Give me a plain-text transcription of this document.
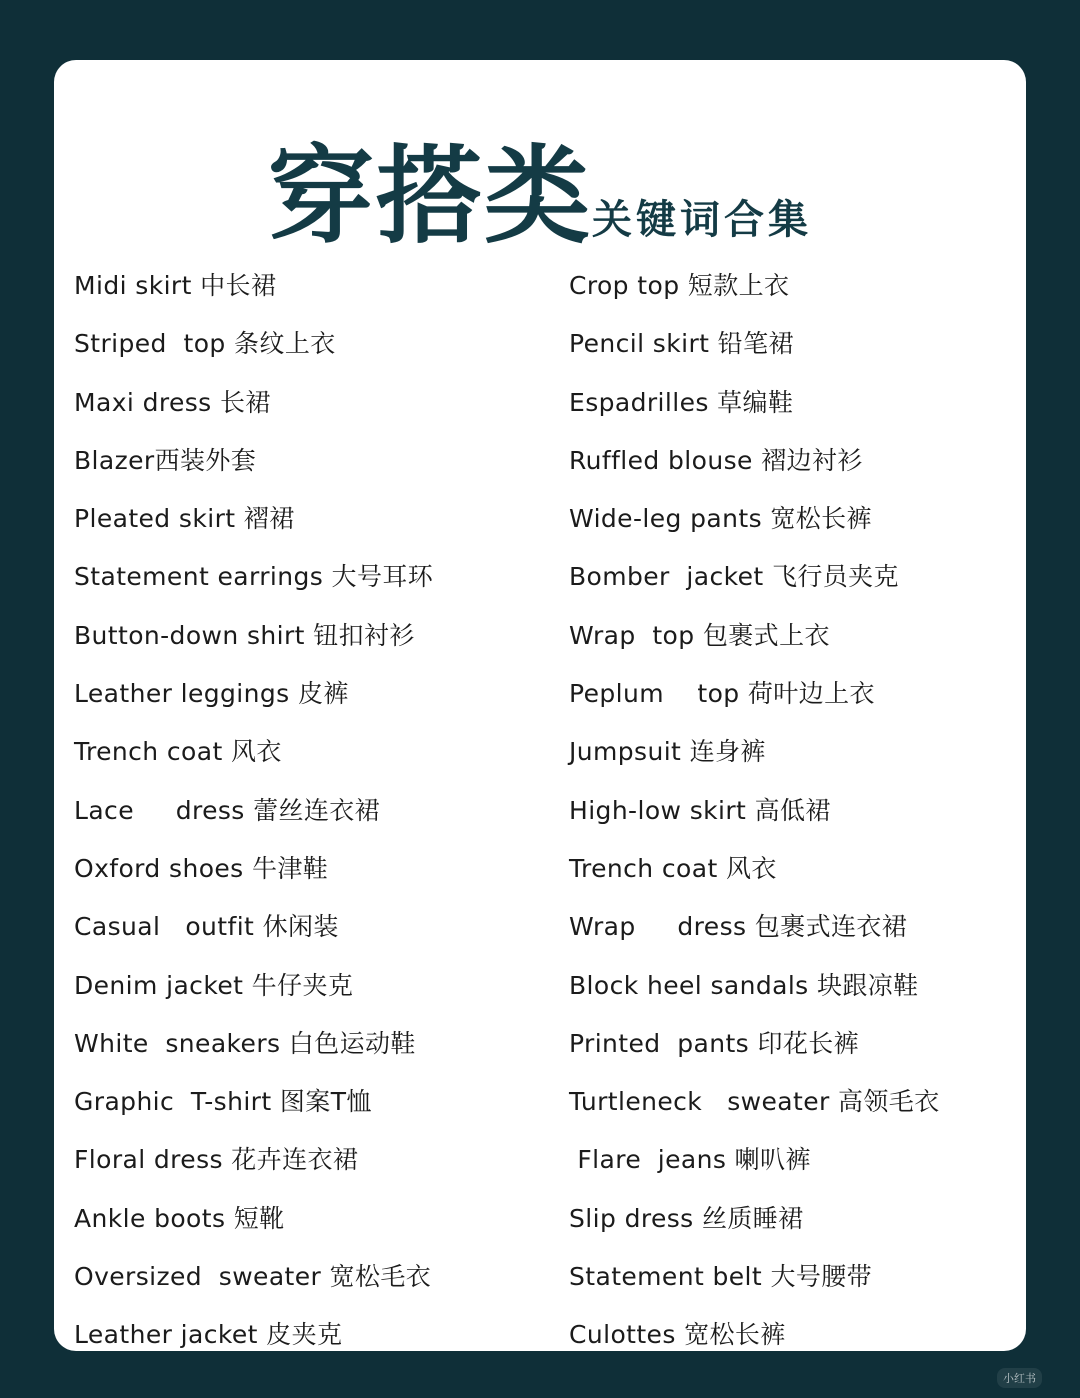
穿搭类关键词合集
Midi skirt 中长裙
Striped  top 条纹上衣
Maxi dress 长裙
Blazer西装外套
Pleated skirt 褶裙
Statement earrings 大号耳环
Button-down shirt 钮扣衬衫
Leather leggings 皮裤
Trench coat 风衣
Lace     dress 蕾丝连衣裙
Oxford shoes 牛津鞋
Casual   outfit 休闲装
Denim jacket 牛仔夹克
White  sneakers 白色运动鞋
Graphic  T-shirt 图案T恤
Floral dress 花卉连衣裙
Ankle boots 短靴
Oversized  sweater 宽松毛衣
Leather jacket 皮夹克
Crop top 短款上衣
Pencil skirt 铅笔裙
Espadrilles 草编鞋
Ruffled blouse 褶边衬衫
Wide-leg pants 宽松长裤
Bomber  jacket 飞行员夹克
Wrap  top 包裹式上衣
Peplum    top 荷叶边上衣
Jumpsuit 连身裤
High-low skirt 高低裙
Trench coat 风衣
Wrap     dress 包裹式连衣裙
Block heel sandals 块跟凉鞋
Printed  pants 印花长裤
Turtleneck   sweater 高领毛衣
Flare  jeans 喇叭裤
Slip dress 丝质睡裙
Statement belt 大号腰带
Culottes 宽松长裤
小红书
